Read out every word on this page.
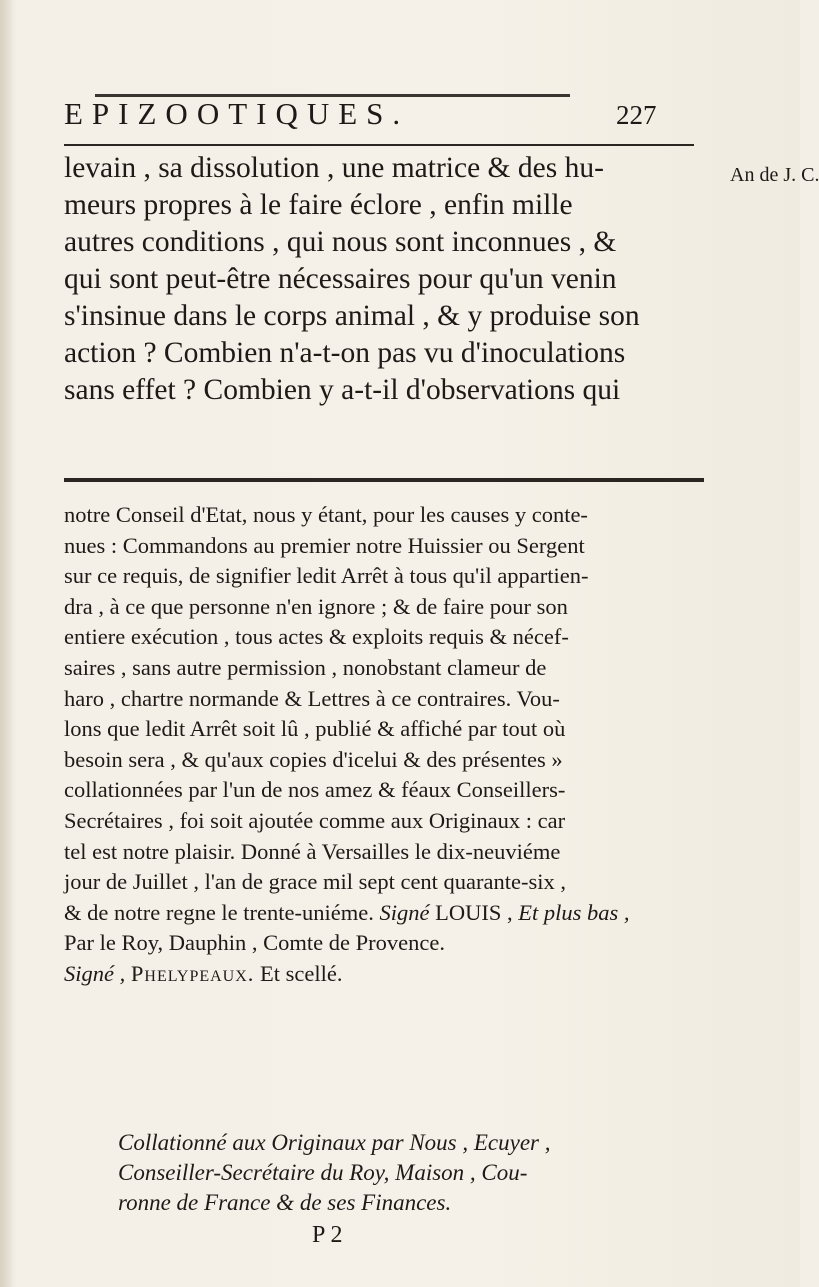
EPIZOOTIQUES.	227
An de J. C.
levain , sa dissolution , une matrice & des hu-
meurs propres à le faire éclore , enfin mille
autres conditions , qui nous sont inconnues , &
qui sont peut-être nécessaires pour qu'un venin
s'insinue dans le corps animal , & y produise son
action ? Combien n'a-t-on pas vu d'inoculations
sans effet ? Combien y a-t-il d'observations qui
notre Conseil d'Etat, nous y étant, pour les causes y conte-
nues : Commandons au premier notre Huissier ou Sergent
sur ce requis, de signifier ledit Arrêt à tous qu'il appartien-
dra , à ce que personne n'en ignore ; & de faire pour son
entiere exécution , tous actes & exploits requis & nécef-
saires , sans autre permission , nonobstant clameur de
haro , chartre normande & Lettres à ce contraires. Vou-
lons que ledit Arrêt soit lû , publié & affiché par tout où
besoin sera , & qu'aux copies d'icelui & des présentes »
collationnées par l'un de nos amez & féaux Conseillers-
Secrétaires , foi soit ajoutée comme aux Originaux : car
tel est notre plaisir. Donné à Versailles le dix-neuviéme
jour de Juillet , l'an de grace mil sept cent quarante-six ,
& de notre regne le trente-uniéme. Signé LOUIS , Et plus bas ,
Par le Roy, Dauphin , Comte de Provence.
Signé , Phelypeaux. Et scellé.
Collationné aux Originaux par Nous , Ecuyer ,
Conseiller-Secrétaire du Roy, Maison , Cou-
ronne de France & de ses Finances.
P 2
